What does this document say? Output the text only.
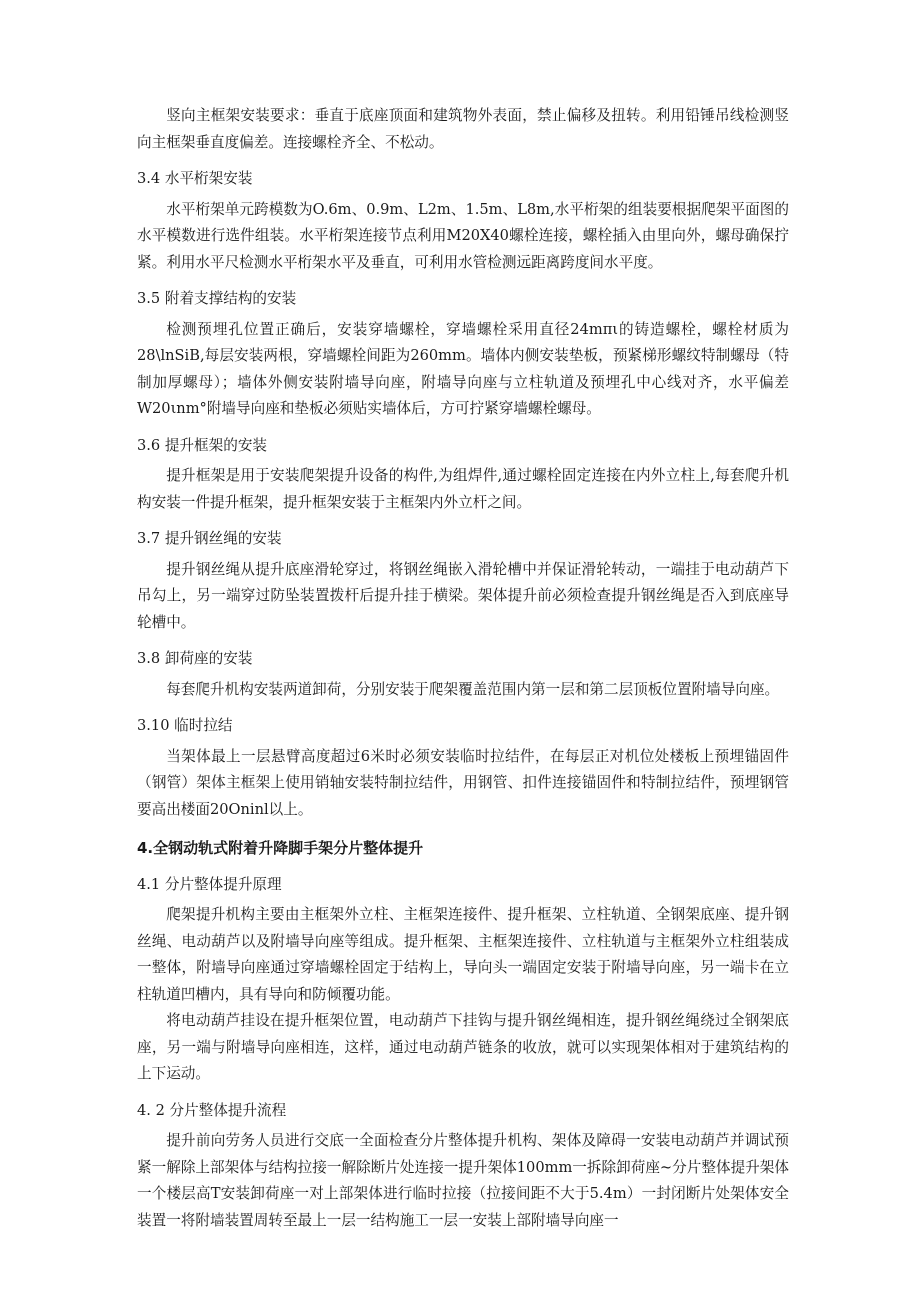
竖向主框架安装要求：垂直于底座顶面和建筑物外表面，禁止偏移及扭转。利用铅锤吊线检测竖向主框架垂直度偏差。连接螺栓齐全、不松动。

3.4 水平桁架安装

水平桁架单元跨模数为O.6m、0.9m、L2m、1.5m、L8m,水平桁架的组装要根据爬架平面图的水平模数进行选件组装。水平桁架连接节点利用M20X40螺栓连接，螺栓插入由里向外，螺母确保拧紧。利用水平尺检测水平桁架水平及垂直，可利用水管检测远距离跨度间水平度。

3.5 附着支撑结构的安装

检测预埋孔位置正确后，安装穿墙螺栓，穿墙螺栓采用直径24mπι的铸造螺栓，螺栓材质为28\lnSiB,每层安装两根，穿墙螺栓间距为260mm。墙体内侧安装垫板，预紧梯形螺纹特制螺母（特制加厚螺母）；墙体外侧安装附墙导向座，附墙导向座与立柱轨道及预埋孔中心线对齐，水平偏差W20ιnm°附墙导向座和垫板必须贴实墙体后，方可拧紧穿墙螺栓螺母。

3.6 提升框架的安装

提升框架是用于安装爬架提升设备的构件,为组焊件,通过螺栓固定连接在内外立柱上,每套爬升机构安装一件提升框架，提升框架安装于主框架内外立杆之间。

3.7 提升钢丝绳的安装

提升钢丝绳从提升底座滑轮穿过，将钢丝绳嵌入滑轮槽中并保证滑轮转动，一端挂于电动葫芦下吊勾上，另一端穿过防坠装置拨杆后提升挂于横梁。架体提升前必须检查提升钢丝绳是否入到底座导轮槽中。

3.8 卸荷座的安装

每套爬升机构安装两道卸荷，分别安装于爬架覆盖范围内第一层和第二层顶板位置附墙导向座。

3.10 临时拉结

当架体最上一层悬臂高度超过6米时必须安装临时拉结件，在每层正对机位处楼板上预埋锚固件（钢管）架体主框架上使用销轴安装特制拉结件，用钢管、扣件连接锚固件和特制拉结件，预埋钢管要高出楼面20Oninl以上。

4.全钢动轨式附着升降脚手架分片整体提升

4.1 分片整体提升原理

爬架提升机构主要由主框架外立柱、主框架连接件、提升框架、立柱轨道、全钢架底座、提升钢丝绳、电动葫芦以及附墙导向座等组成。提升框架、主框架连接件、立柱轨道与主框架外立柱组装成一整体，附墙导向座通过穿墙螺栓固定于结构上，导向头一端固定安装于附墙导向座，另一端卡在立柱轨道凹槽内，具有导向和防倾覆功能。

将电动葫芦挂设在提升框架位置，电动葫芦下挂钩与提升钢丝绳相连，提升钢丝绳绕过全钢架底座，另一端与附墙导向座相连，这样，通过电动葫芦链条的收放，就可以实现架体相对于建筑结构的上下运动。

4. 2 分片整体提升流程

提升前向劳务人员进行交底一全面检查分片整体提升机构、架体及障碍一安装电动葫芦并调试预紧一解除上部架体与结构拉接一解除断片处连接一提升架体100mm一拆除卸荷座~分片整体提升架体一个楼层高T安装卸荷座一对上部架体进行临时拉接（拉接间距不大于5.4m）一封闭断片处架体安全装置一将附墙装置周转至最上一层一结构施工一层一安装上部附墙导向座一
